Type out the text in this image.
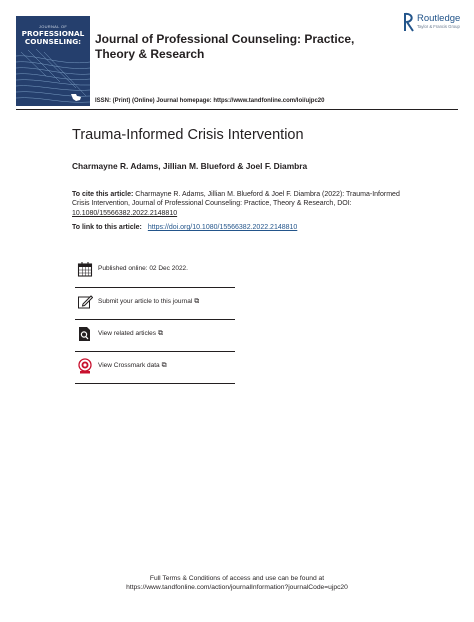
JOURNAL OF
PROFESSIONAL
COUNSELING:	Journal of Professional Counseling: Practice, Theory & Research
ISSN: (Print) (Online) Journal homepage: https://www.tandfonline.com/loi/ujpc20
Routledge
Taylor & Francis Group
Trauma-Informed Crisis Intervention
Charmayne R. Adams, Jillian M. Blueford & Joel F. Diambra
To cite this article: Charmayne R. Adams, Jillian M. Blueford & Joel F. Diambra (2022): Trauma-Informed Crisis Intervention, Journal of Professional Counseling: Practice, Theory & Research, DOI: 10.1080/15566382.2022.2148810
To link to this article: https://doi.org/10.1080/15566382.2022.2148810
Published online: 02 Dec 2022.
Submit your article to this journal ⧉
View related articles ⧉
View Crossmark data ⧉
Full Terms & Conditions of access and use can be found at
https://www.tandfonline.com/action/journalInformation?journalCode=ujpc20
